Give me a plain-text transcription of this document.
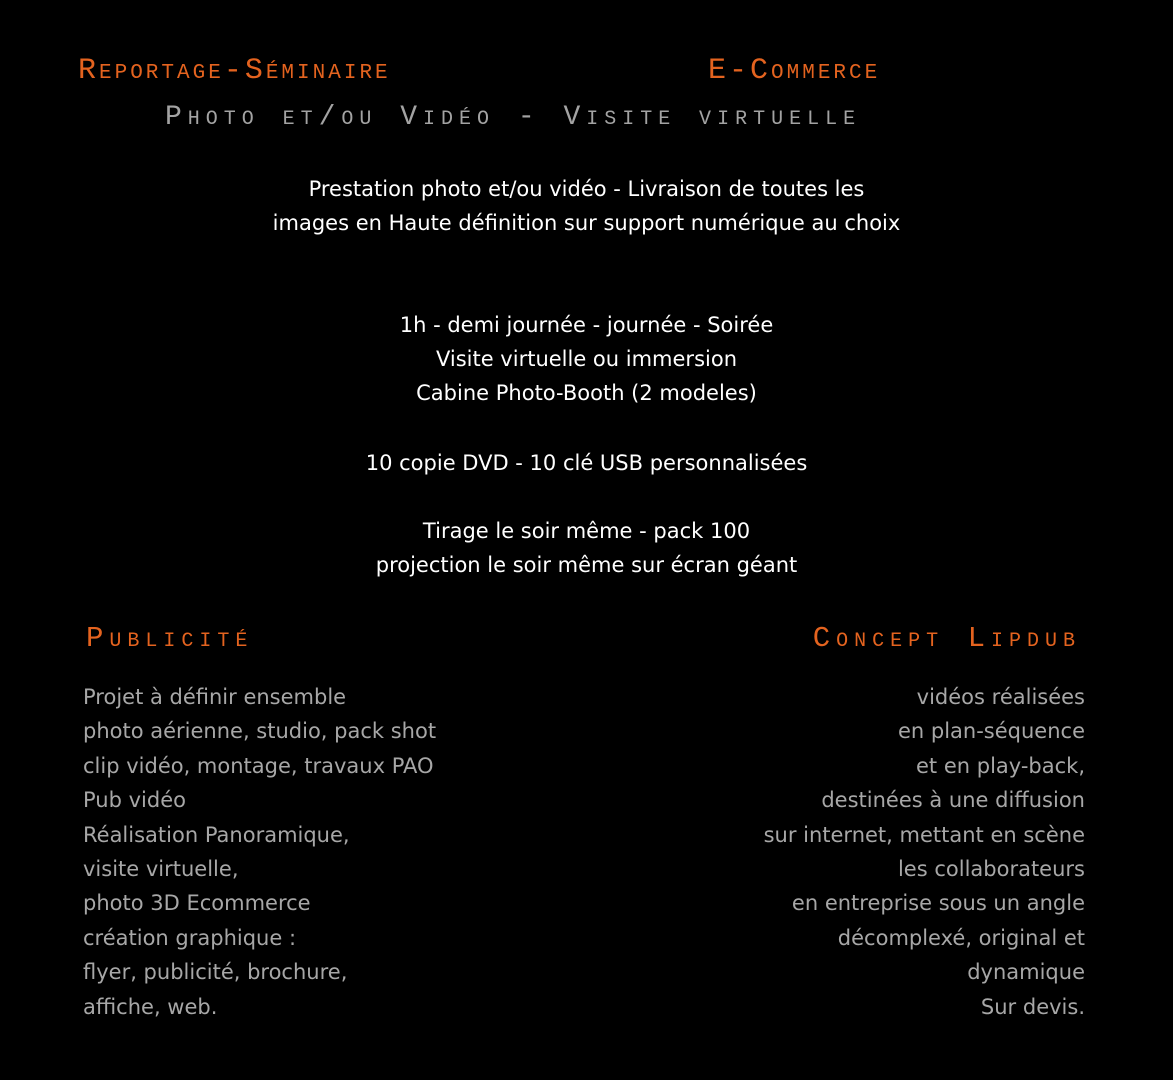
Reportage-Séminaire	E-Commerce
Photo et/ou Vidéo - Visite virtuelle
Prestation photo et/ou vidéo - Livraison de toutes les
images en Haute définition sur support numérique au choix
1h - demi journée - journée - Soirée
Visite virtuelle ou immersion
Cabine Photo-Booth (2 modeles)
10 copie DVD - 10 clé USB personnalisées
Tirage le soir même - pack 100
projection le soir même sur écran géant
Publicité	Concept Lipdub
Projet à définir ensemble
photo aérienne, studio, pack shot
clip vidéo, montage, travaux PAO
Pub vidéo
Réalisation Panoramique,
visite virtuelle,
photo 3D Ecommerce
création graphique :
flyer, publicité, brochure,
affiche, web.
vidéos réalisées
en plan-séquence
et en play-back,
destinées à une diffusion
sur internet, mettant en scène
les collaborateurs
en entreprise sous un angle
décomplexé, original et
dynamique
Sur devis.
